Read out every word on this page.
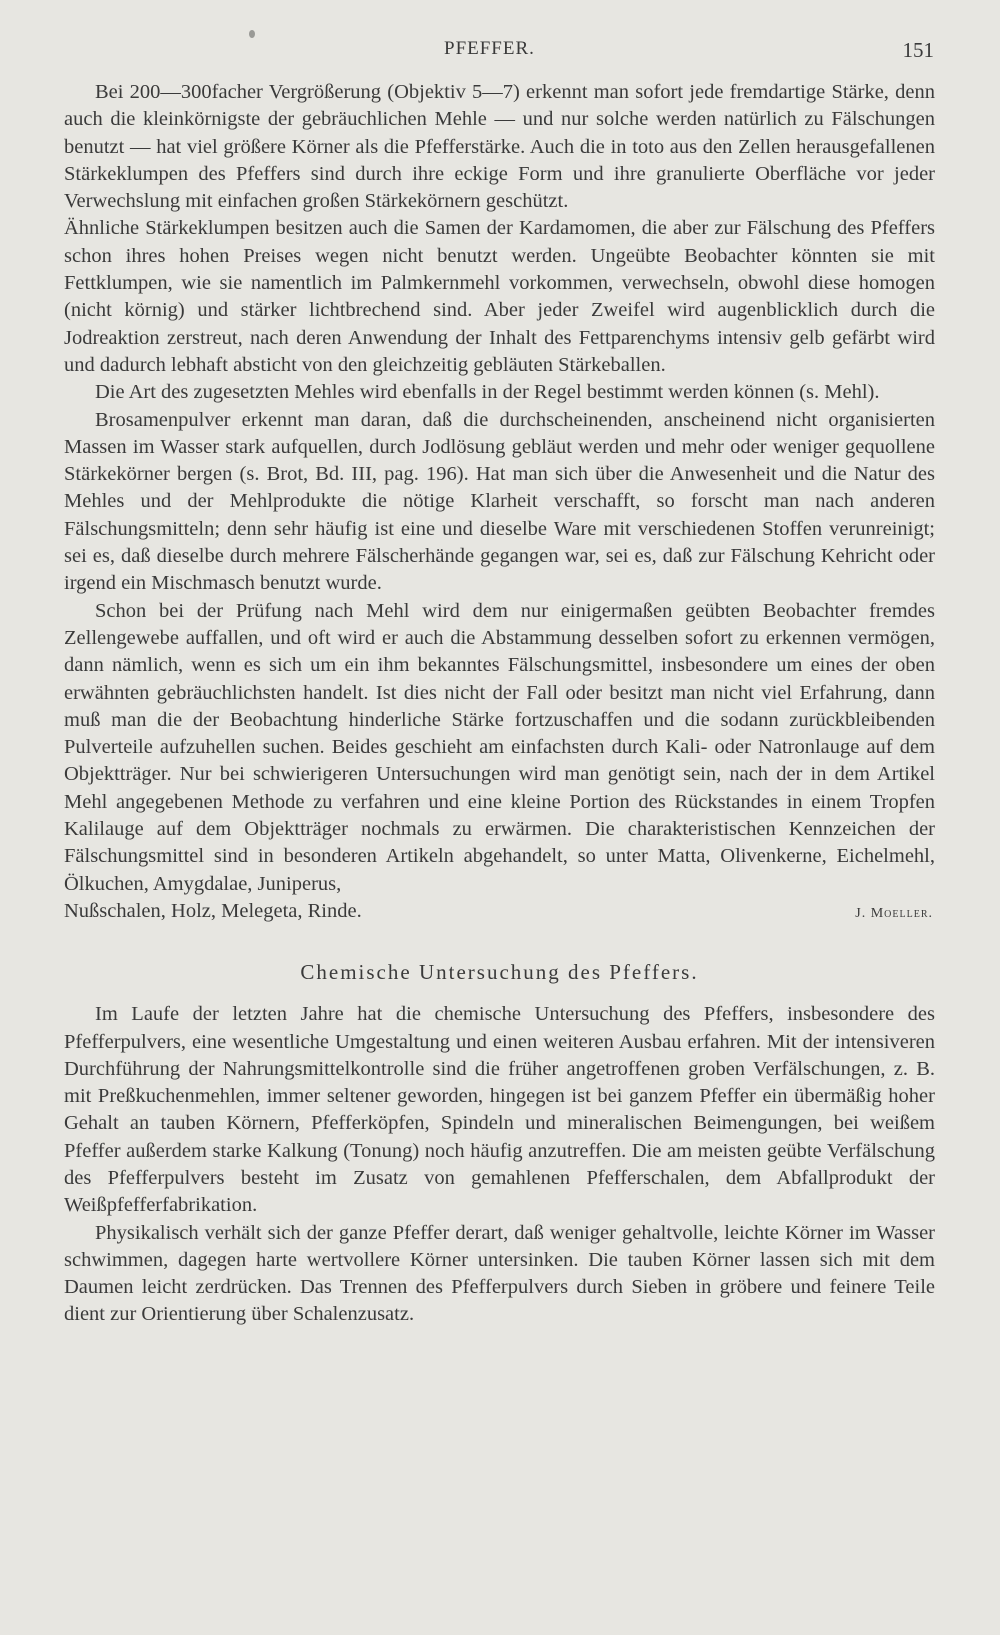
PFEFFER.	151

Bei 200—300facher Vergrößerung (Objektiv 5—7) erkennt man sofort jede fremdartige Stärke, denn auch die kleinkörnigste der gebräuchlichen Mehle — und nur solche werden natürlich zu Fälschungen benutzt — hat viel größere Körner als die Pfefferstärke. Auch die in toto aus den Zellen herausgefallenen Stärkeklumpen des Pfeffers sind durch ihre eckige Form und ihre granulierte Oberfläche vor jeder Verwechslung mit einfachen großen Stärkekörnern geschützt.

Ähnliche Stärkeklumpen besitzen auch die Samen der Kardamomen, die aber zur Fälschung des Pfeffers schon ihres hohen Preises wegen nicht benutzt werden. Ungeübte Beobachter könnten sie mit Fettklumpen, wie sie namentlich im Palmkernmehl vorkommen, verwechseln, obwohl diese homogen (nicht körnig) und stärker lichtbrechend sind. Aber jeder Zweifel wird augenblicklich durch die Jodreaktion zerstreut, nach deren Anwendung der Inhalt des Fettparenchyms intensiv gelb gefärbt wird und dadurch lebhaft absticht von den gleichzeitig gebläuten Stärkeballen.

Die Art des zugesetzten Mehles wird ebenfalls in der Regel bestimmt werden können (s. Mehl).

Brosamenpulver erkennt man daran, daß die durchscheinenden, anscheinend nicht organisierten Massen im Wasser stark aufquellen, durch Jodlösung gebläut werden und mehr oder weniger gequollene Stärkekörner bergen (s. Brot, Bd. III, pag. 196). Hat man sich über die Anwesenheit und die Natur des Mehles und der Mehlprodukte die nötige Klarheit verschafft, so forscht man nach anderen Fälschungsmitteln; denn sehr häufig ist eine und dieselbe Ware mit verschiedenen Stoffen verunreinigt; sei es, daß dieselbe durch mehrere Fälscherhände gegangen war, sei es, daß zur Fälschung Kehricht oder irgend ein Mischmasch benutzt wurde.

Schon bei der Prüfung nach Mehl wird dem nur einigermaßen geübten Beobachter fremdes Zellengewebe auffallen, und oft wird er auch die Abstammung desselben sofort zu erkennen vermögen, dann nämlich, wenn es sich um ein ihm bekanntes Fälschungsmittel, insbesondere um eines der oben erwähnten gebräuchlichsten handelt. Ist dies nicht der Fall oder besitzt man nicht viel Erfahrung, dann muß man die der Beobachtung hinderliche Stärke fortzuschaffen und die sodann zurückbleibenden Pulverteile aufzuhellen suchen. Beides geschieht am einfachsten durch Kali- oder Natronlauge auf dem Objektträger. Nur bei schwierigeren Untersuchungen wird man genötigt sein, nach der in dem Artikel Mehl angegebenen Methode zu verfahren und eine kleine Portion des Rückstandes in einem Tropfen Kalilauge auf dem Objektträger nochmals zu erwärmen. Die charakteristischen Kennzeichen der Fälschungsmittel sind in besonderen Artikeln abgehandelt, so unter Matta, Olivenkerne, Eichelmehl, Ölkuchen, Amygdalae, Juniperus,

Nußschalen, Holz, Melegeta, Rinde.	J. Moeller.

Chemische Untersuchung des Pfeffers.

Im Laufe der letzten Jahre hat die chemische Untersuchung des Pfeffers, insbesondere des Pfefferpulvers, eine wesentliche Umgestaltung und einen weiteren Ausbau erfahren. Mit der intensiveren Durchführung der Nahrungsmittelkontrolle sind die früher angetroffenen groben Verfälschungen, z. B. mit Preßkuchenmehlen, immer seltener geworden, hingegen ist bei ganzem Pfeffer ein übermäßig hoher Gehalt an tauben Körnern, Pfefferköpfen, Spindeln und mineralischen Beimengungen, bei weißem Pfeffer außerdem starke Kalkung (Tonung) noch häufig anzutreffen. Die am meisten geübte Verfälschung des Pfefferpulvers besteht im Zusatz von gemahlenen Pfefferschalen, dem Abfallprodukt der Weißpfefferfabrikation.

Physikalisch verhält sich der ganze Pfeffer derart, daß weniger gehaltvolle, leichte Körner im Wasser schwimmen, dagegen harte wertvollere Körner untersinken. Die tauben Körner lassen sich mit dem Daumen leicht zerdrücken. Das Trennen des Pfefferpulvers durch Sieben in gröbere und feinere Teile dient zur Orientierung über Schalenzusatz.
